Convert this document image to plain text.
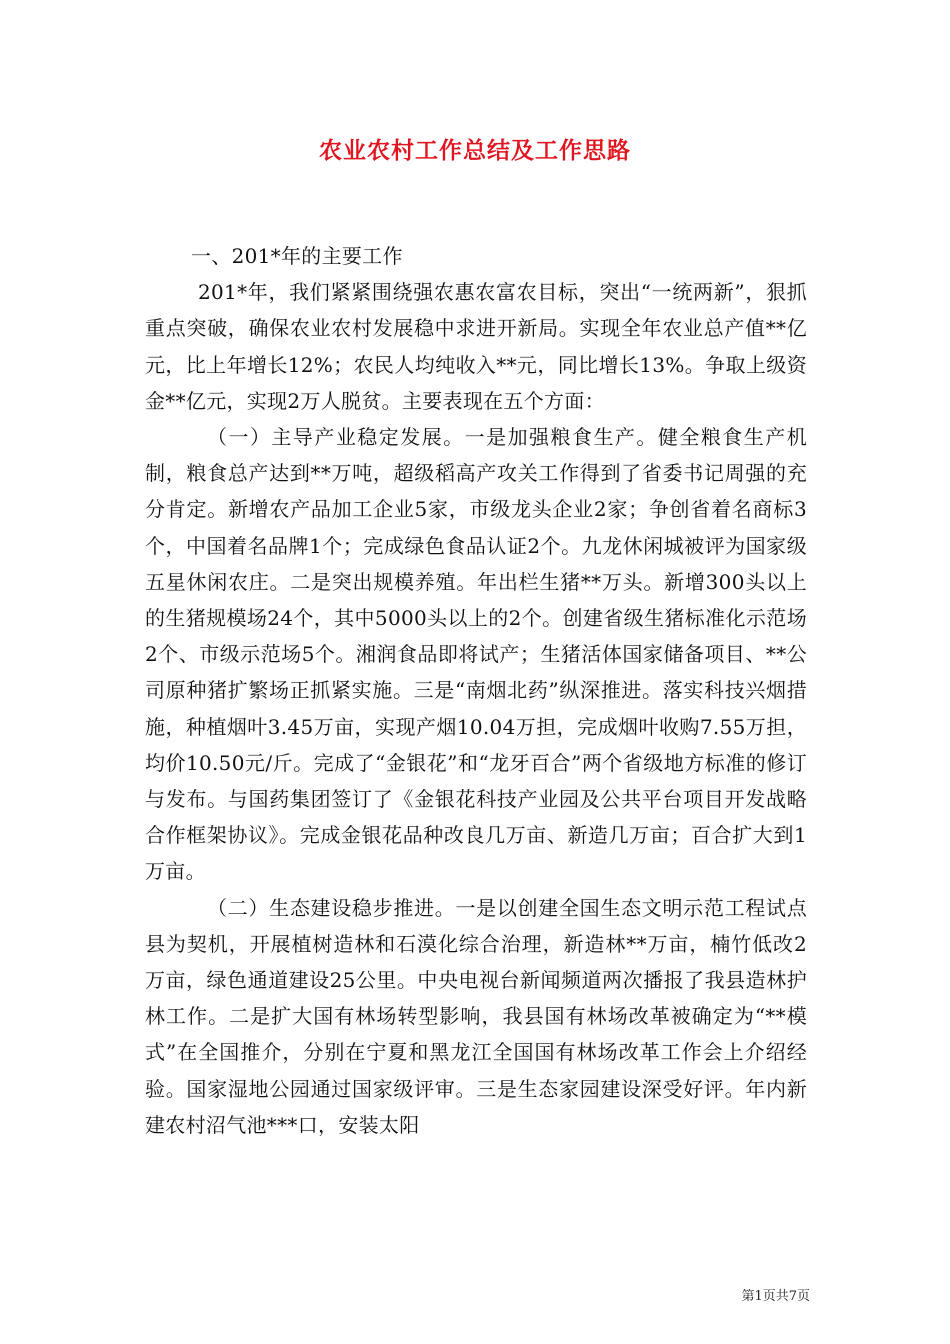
农业农村工作总结及工作思路

一、201*年的主要工作

201*年，我们紧紧围绕强农惠农富农目标，突出“一统两新”，狠抓重点突破，确保农业农村发展稳中求进开新局。实现全年农业总产值**亿元，比上年增长12%；农民人均纯收入**元，同比增长13%。争取上级资金**亿元，实现2万人脱贫。主要表现在五个方面：

（一）主导产业稳定发展。一是加强粮食生产。健全粮食生产机制，粮食总产达到**万吨，超级稻高产攻关工作得到了省委书记周强的充分肯定。新增农产品加工企业5家，市级龙头企业2家；争创省着名商标3个，中国着名品牌1个；完成绿色食品认证2个。九龙休闲城被评为国家级五星休闲农庄。二是突出规模养殖。年出栏生猪**万头。新增300头以上的生猪规模场24个，其中5000头以上的2个。创建省级生猪标准化示范场2个、市级示范场5个。湘润食品即将试产；生猪活体国家储备项目、**公司原种猪扩繁场正抓紧实施。三是“南烟北药”纵深推进。落实科技兴烟措施，种植烟叶3.45万亩，实现产烟10.04万担，完成烟叶收购7.55万担，均价10.50元/斤。完成了“金银花”和“龙牙百合”两个省级地方标准的修订与发布。与国药集团签订了《金银花科技产业园及公共平台项目开发战略合作框架协议》。完成金银花品种改良几万亩、新造几万亩；百合扩大到1万亩。

（二）生态建设稳步推进。一是以创建全国生态文明示范工程试点县为契机，开展植树造林和石漠化综合治理，新造林**万亩，楠竹低改2万亩，绿色通道建设25公里。中央电视台新闻频道两次播报了我县造林护林工作。二是扩大国有林场转型影响，我县国有林场改革被确定为“**模式”在全国推介，分别在宁夏和黑龙江全国国有林场改革工作会上介绍经验。国家湿地公园通过国家级评审。三是生态家园建设深受好评。年内新建农村沼气池***口，安装太阳

第1页共7页
